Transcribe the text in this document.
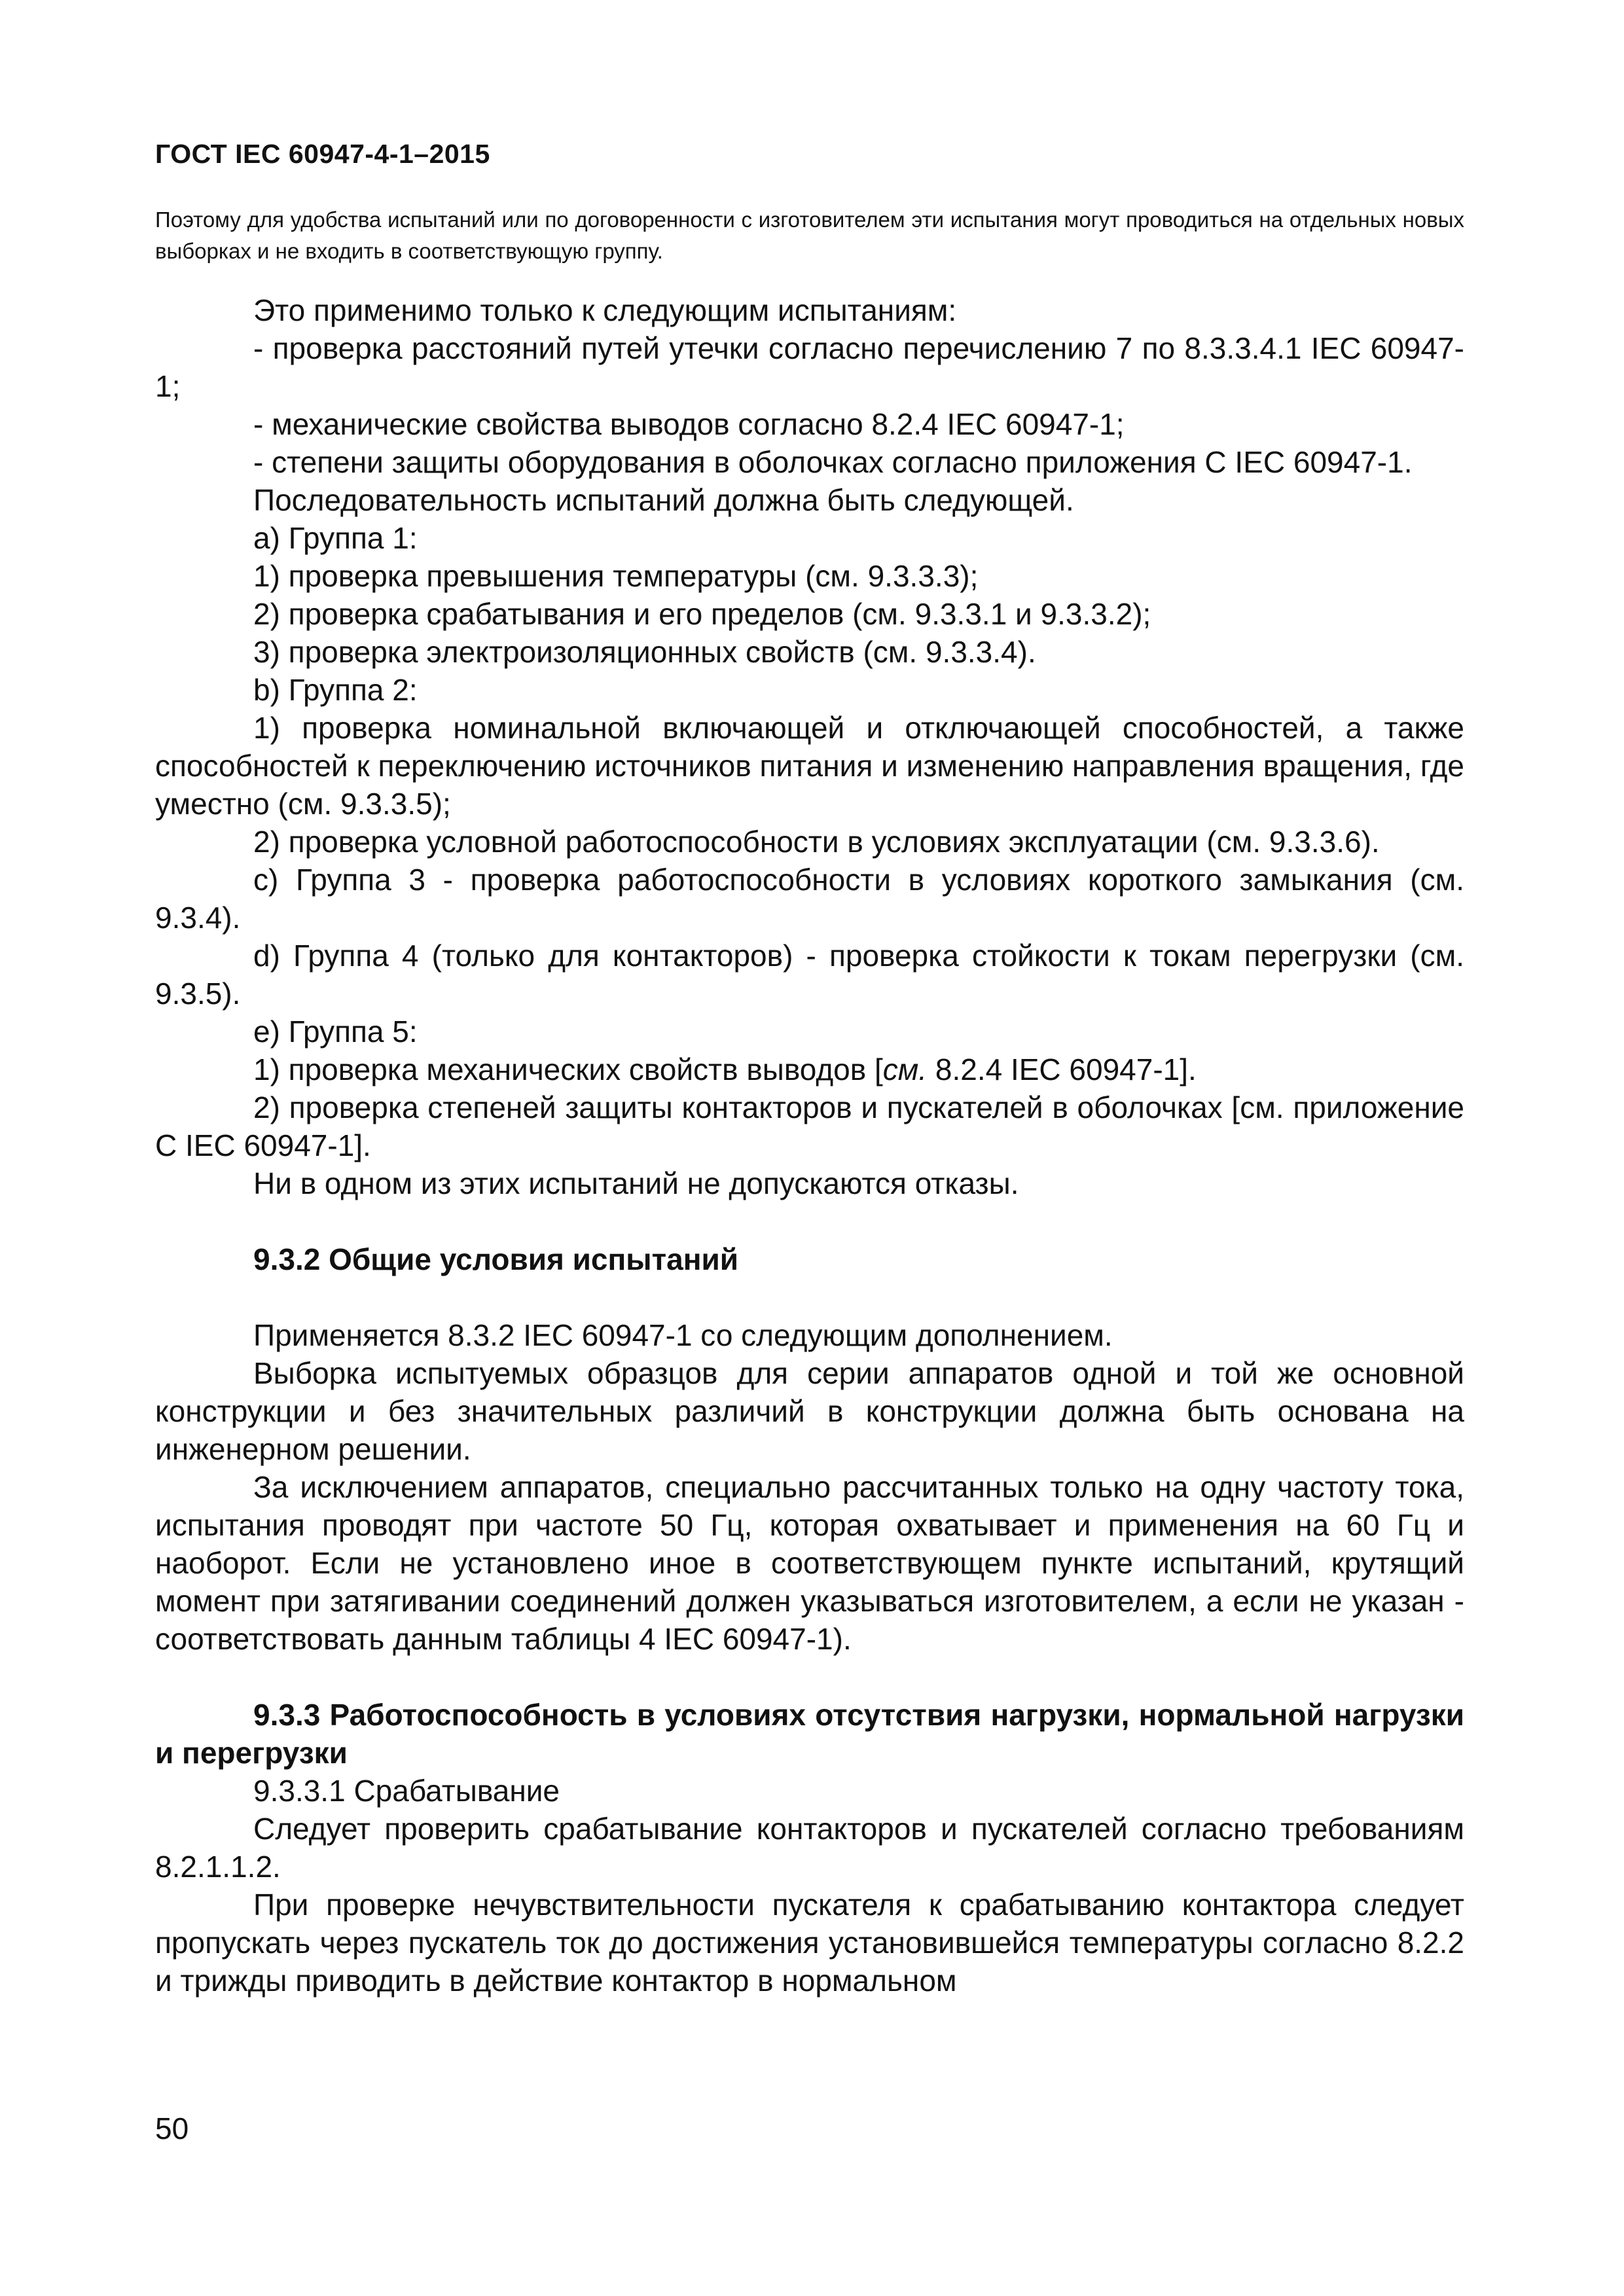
ГОСТ IEC 60947-4-1–2015
Поэтому для удобства испытаний или по договоренности с изготовителем эти испытания могут проводиться на отдельных новых выборках и не входить в соответствующую группу.

Это применимо только к следующим испытаниям:

- проверка расстояний путей утечки согласно перечислению 7 по 8.3.3.4.1 IEC 60947-1;

- механические свойства выводов согласно 8.2.4 IEC 60947-1;

- степени защиты оборудования в оболочках согласно приложения С IEC 60947-1.

Последовательность испытаний должна быть следующей.

a) Группа 1:

1) проверка превышения температуры (см. 9.3.3.3);

2) проверка срабатывания и его пределов (см. 9.3.3.1 и 9.3.3.2);

3) проверка электроизоляционных свойств (см. 9.3.3.4).

b) Группа 2:

1) проверка номинальной включающей и отключающей способностей, а также способностей к переключению источников питания и изменению направления вращения, где уместно (см. 9.3.3.5);

2) проверка условной работоспособности в условиях эксплуатации (см. 9.3.3.6).

c) Группа 3 - проверка работоспособности в условиях короткого замыкания (см. 9.3.4).

d) Группа 4 (только для контакторов) - проверка стойкости к токам перегрузки (см. 9.3.5).

e) Группа 5:

1) проверка механических свойств выводов [см. 8.2.4 IEC 60947-1].

2) проверка степеней защиты контакторов и пускателей в оболочках [см. приложение С IEC 60947-1].

Ни в одном из этих испытаний не допускаются отказы.

9.3.2 Общие условия испытаний

Применяется 8.3.2 IEC 60947-1 со следующим дополнением.

Выборка испытуемых образцов для серии аппаратов одной и той же основной конструкции и без значительных различий в конструкции должна быть основана на инженерном решении.

За исключением аппаратов, специально рассчитанных только на одну частоту тока, испытания проводят при частоте 50 Гц, которая охватывает и применения на 60 Гц и наоборот. Если не установлено иное в соответствующем пункте испытаний, крутящий момент при затягивании соединений должен указываться изготовителем, а если не указан - соответствовать данным таблицы 4 IEC 60947-1).

9.3.3 Работоспособность в условиях отсутствия нагрузки, нормальной нагрузки и перегрузки

9.3.3.1 Срабатывание

Следует проверить срабатывание контакторов и пускателей согласно требованиям 8.2.1.1.2.

При проверке нечувствительности пускателя к срабатыванию контактора следует пропускать через пускатель ток до достижения установившейся температуры согласно 8.2.2 и трижды приводить в действие контактор в нормальном

50
